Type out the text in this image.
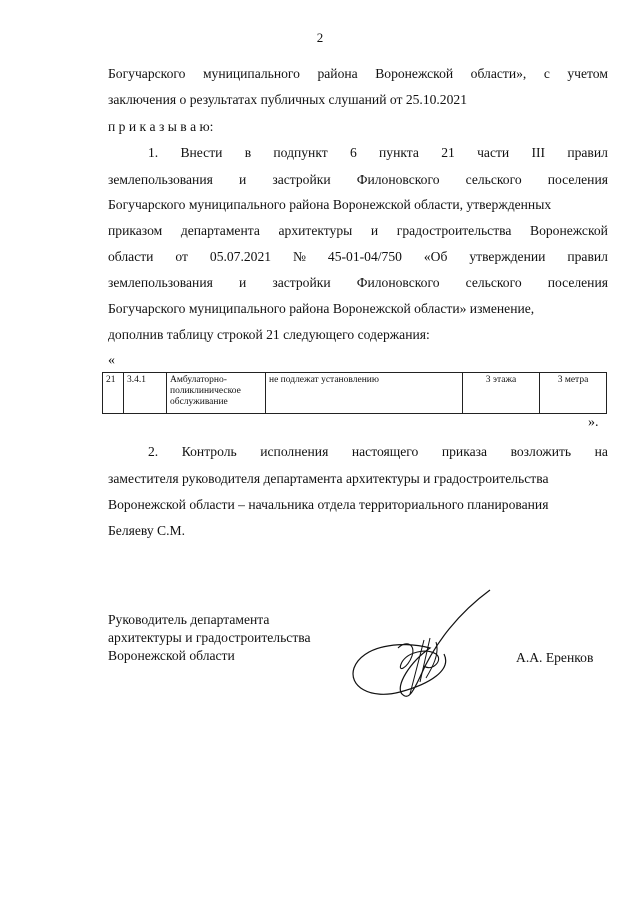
2
Богучарского муниципального района Воронежской области», с учетом
заключения о результатах публичных слушаний от 25.10.2021
п р и к а з ы в а ю:
1. Внести в подпункт 6 пункта 21 части III правил
землепользования и застройки Филоновского сельского поселения
Богучарского муниципального района Воронежской области, утвержденных
приказом департамента архитектуры и градостроительства Воронежской
области от 05.07.2021 № 45-01-04/750 «Об утверждении правил
землепользования и застройки Филоновского сельского поселения
Богучарского муниципального района Воронежской области» изменение,
дополнив таблицу строкой 21 следующего содержания:
«
21	3.4.1	Амбулаторно-
поликлиническое
обслуживание
	не подлежат установлению	3 этажа	3 метра
».
2. Контроль исполнения настоящего приказа возложить на
заместителя руководителя департамента архитектуры и градостроительства
Воронежской области – начальника отдела территориального планирования
Беляеву С.М.
Руководитель департамента
архитектуры и градостроительства
Воронежской области	А.А. Еренков
